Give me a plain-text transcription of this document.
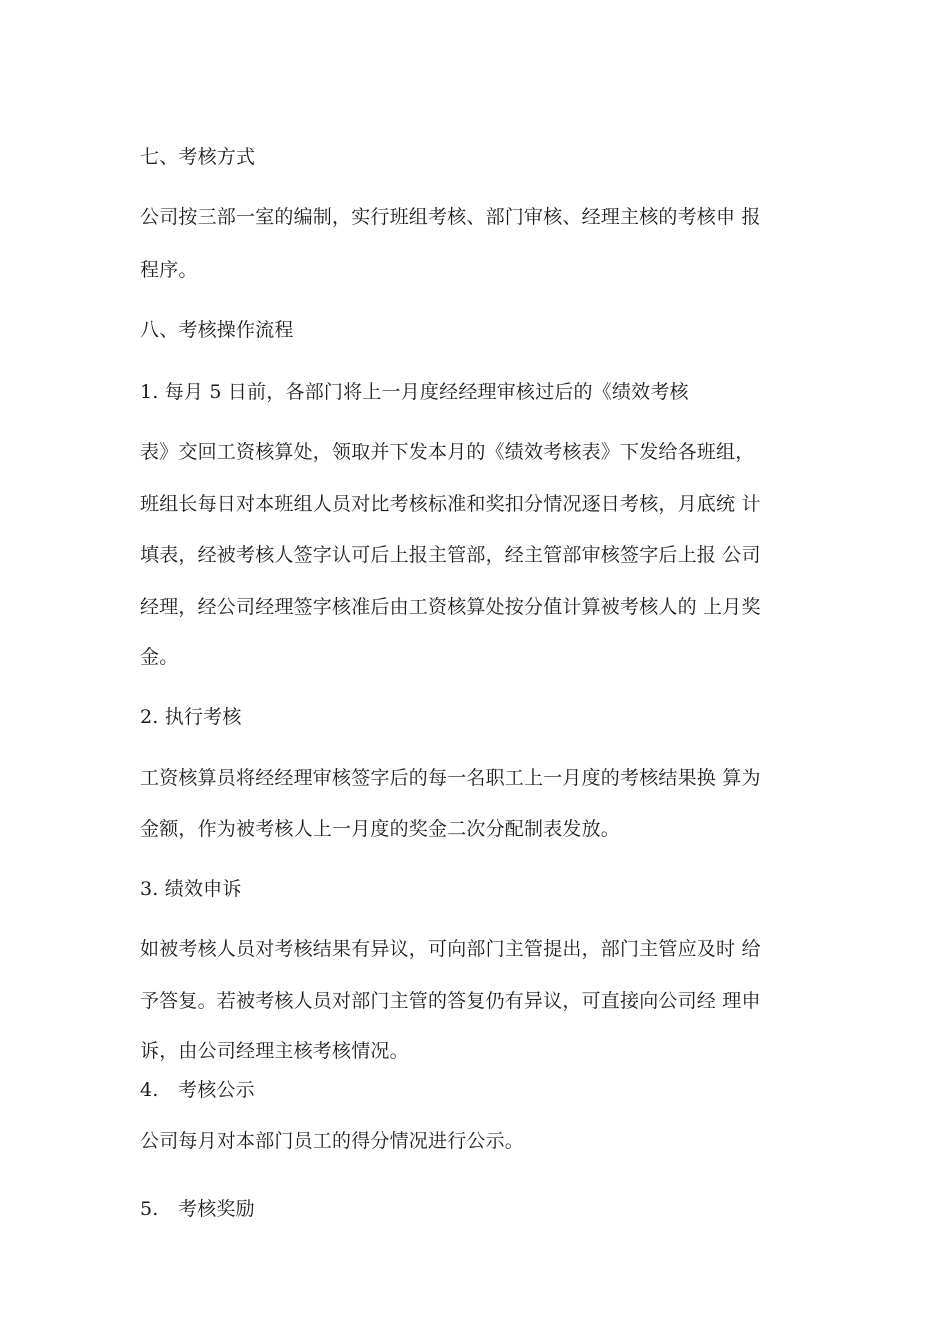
七、考核方式
公司按三部一室的编制，实行班组考核、部门审核、经理主核的考核申 报
程序。
八、考核操作流程
1. 每月 5 日前，各部门将上一月度经经理审核过后的《绩效考核
表》交回工资核算处，领取并下发本月的《绩效考核表》下发给各班组，
班组长每日对本班组人员对比考核标准和奖扣分情况逐日考核，月底统 计
填表，经被考核人签字认可后上报主管部，经主管部审核签字后上报 公司
经理，经公司经理签字核准后由工资核算处按分值计算被考核人的 上月奖
金。
2. 执行考核
工资核算员将经经理审核签字后的每一名职工上一月度的考核结果换 算为
金额，作为被考核人上一月度的奖金二次分配制表发放。
3. 绩效申诉
如被考核人员对考核结果有异议，可向部门主管提出，部门主管应及时 给
予答复。若被考核人员对部门主管的答复仍有异议，可直接向公司经 理申
诉，由公司经理主核考核情况。
4. 考核公示
公司每月对本部门员工的得分情况进行公示。
5. 考核奖励
